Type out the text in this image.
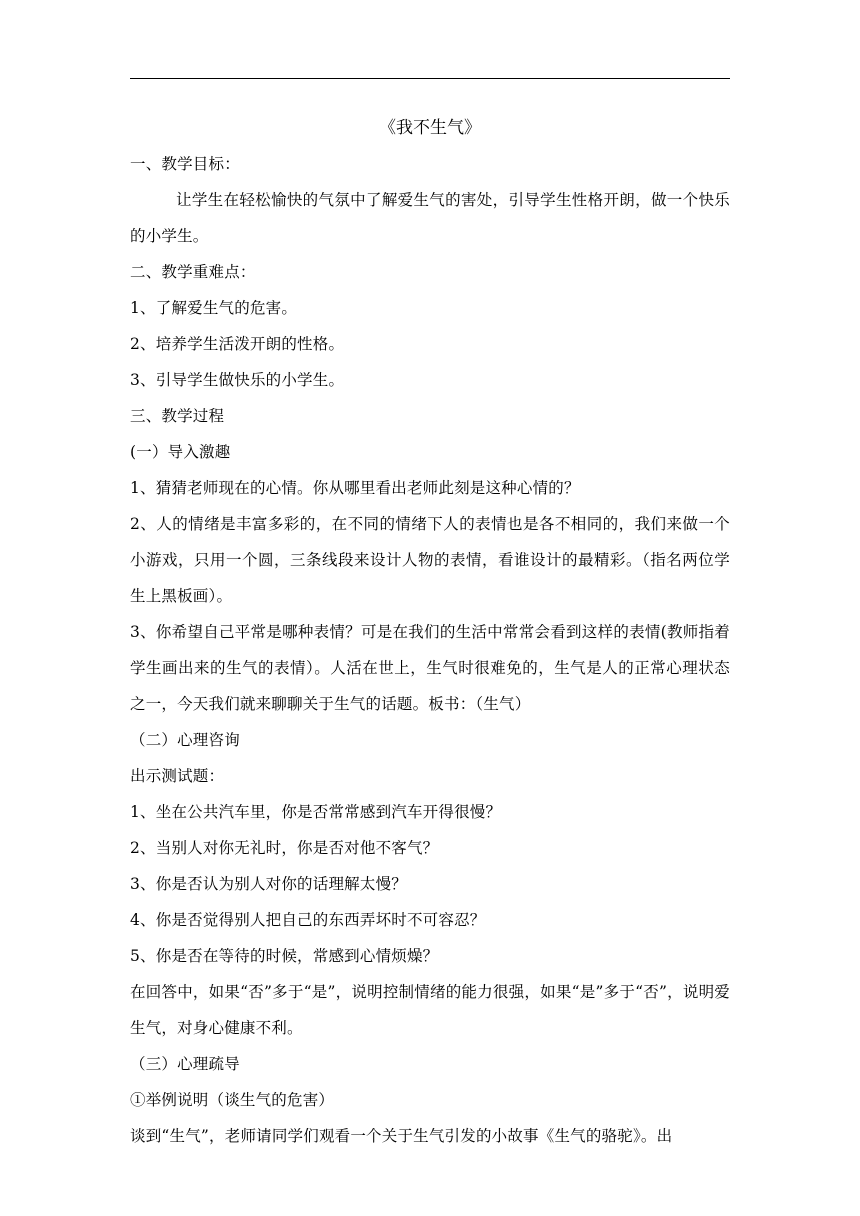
《我不生气》

一、教学目标：

让学生在轻松愉快的气氛中了解爱生气的害处，引导学生性格开朗，做一个快乐的小学生。

二、教学重难点：

1、了解爱生气的危害。

2、培养学生活泼开朗的性格。

3、引导学生做快乐的小学生。

三、教学过程

(一）导入激趣

1、猜猜老师现在的心情。你从哪里看出老师此刻是这种心情的？

2、人的情绪是丰富多彩的，在不同的情绪下人的表情也是各不相同的，我们来做一个小游戏，只用一个圆，三条线段来设计人物的表情，看谁设计的最精彩。（指名两位学生上黑板画）。

3、你希望自己平常是哪种表情？可是在我们的生活中常常会看到这样的表情(教师指着学生画出来的生气的表情）。人活在世上，生气时很难免的，生气是人的正常心理状态之一，今天我们就来聊聊关于生气的话题。板书：（生气）

（二）心理咨询

出示测试题：

1、坐在公共汽车里，你是否常常感到汽车开得很慢？

2、当别人对你无礼时，你是否对他不客气？

3、你是否认为别人对你的话理解太慢？

4、你是否觉得别人把自己的东西弄坏时不可容忍？

5、你是否在等待的时候，常感到心情烦燥？

在回答中，如果“否”多于“是”，说明控制情绪的能力很强，如果“是”多于“否”，说明爱生气，对身心健康不利。

（三）心理疏导

①举例说明（谈生气的危害）

谈到“生气”，老师请同学们观看一个关于生气引发的小故事《生气的骆驼》。出
